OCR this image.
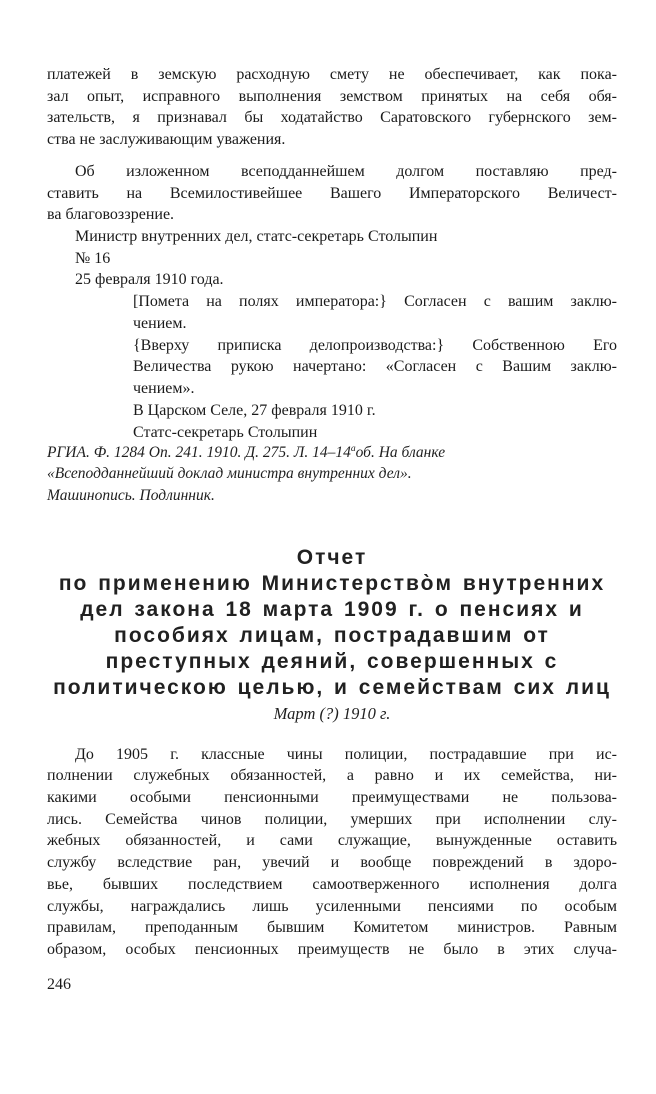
платежей в земскую расходную смету не обеспечивает, как пока-
зал опыт, исправного выполнения земством принятых на себя обя-
зательств, я признавал бы ходатайство Саратовского губернского зем-
ства не заслуживающим уважения.
Об изложенном всеподданнейшем долгом поставляю пред-
ставить на Всемилостивейшее Вашего Императорского Величест-
ва благовоззрение.
Министр внутренних дел, статс-секретарь Столыпин
№ 16
25 февраля 1910 года.
[Помета на полях императора:} Согласен с вашим заклю-
чением.
{Вверху приписка делопроизводства:} Собственною Его
Величества рукою начертано: «Согласен с Вашим заклю-
чением».
В Царском Селе, 27 февраля 1910 г.
Статс-секретарь Столыпин
РГИА. Ф. 1284 Оп. 241. 1910. Д. 275. Л. $14-14^аоб$. На бланке
«Всеподданнейший доклад министра внутренних дел».
Машинопись. Подлинник.
Отчет
по применению Министерство̀м внутренних
дел закона 18 марта 1909 г. о пенсиях и
пособиях лицам, пострадавшим от
преступных деяний, совершенных с
политическою целью, и семействам сих лиц
Март (?) 1910 г.
До 1905 г. классные чины полиции, пострадавшие при ис-
полнении служебных обязанностей, а равно и их семейства, ни-
какими особыми пенсионными преимуществами не пользова-
лись. Семейства чинов полиции, умерших при исполнении слу-
жебных обязанностей, и сами служащие, вынужденные оставить
службу вследствие ран, увечий и вообще повреждений в здоро-
вье, бывших последствием самоотверженного исполнения долга
службы, награждались лишь усиленными пенсиями по особым
правилам, преподанным бывшим Комитетом министров. Равным
образом, особых пенсионных преимуществ не было в этих случа-
246
